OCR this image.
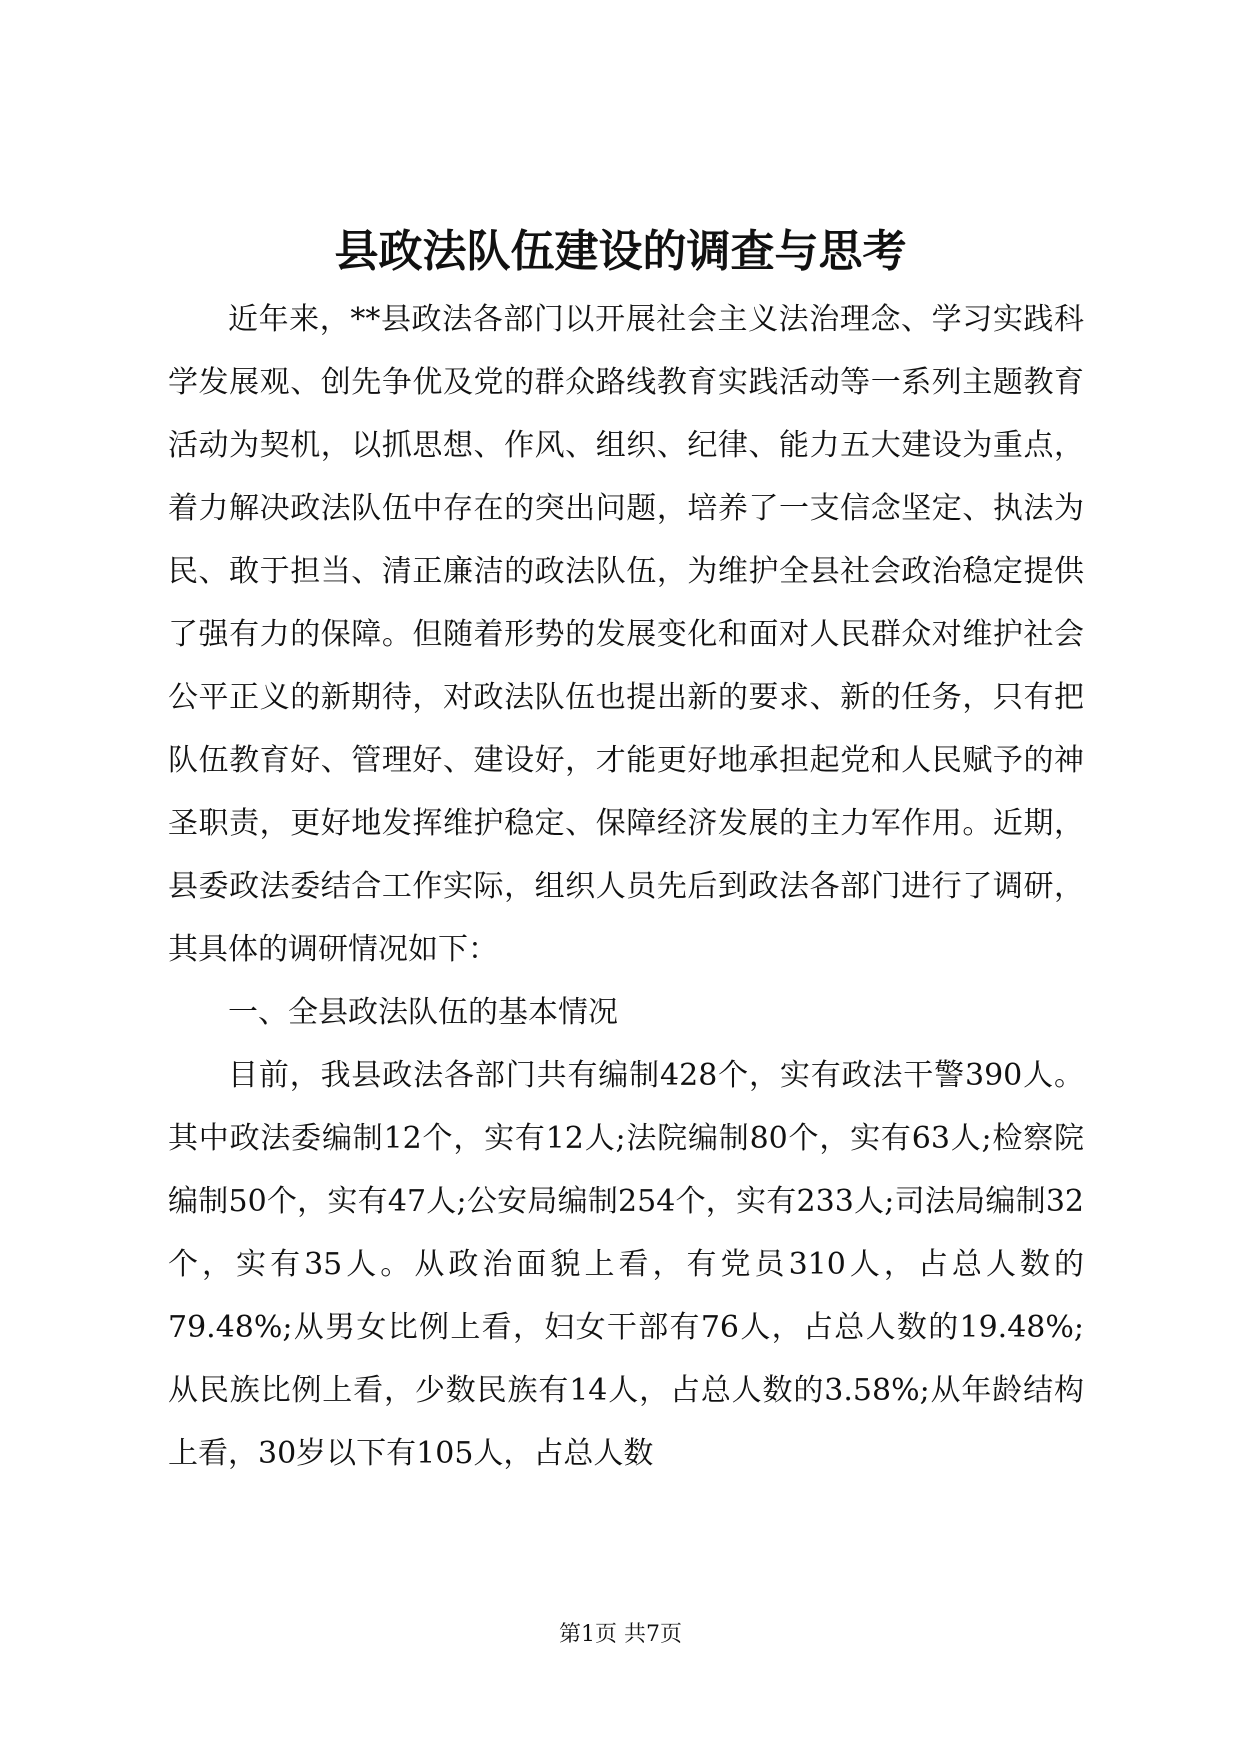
县政法队伍建设的调查与思考

近年来，**县政法各部门以开展社会主义法治理念、学习实践科学发展观、创先争优及党的群众路线教育实践活动等一系列主题教育活动为契机，以抓思想、作风、组织、纪律、能力五大建设为重点，着力解决政法队伍中存在的突出问题，培养了一支信念坚定、执法为民、敢于担当、清正廉洁的政法队伍，为维护全县社会政治稳定提供了强有力的保障。但随着形势的发展变化和面对人民群众对维护社会公平正义的新期待，对政法队伍也提出新的要求、新的任务，只有把队伍教育好、管理好、建设好，才能更好地承担起党和人民赋予的神圣职责，更好地发挥维护稳定、保障经济发展的主力军作用。近期，县委政法委结合工作实际，组织人员先后到政法各部门进行了调研，其具体的调研情况如下：

一、全县政法队伍的基本情况

目前，我县政法各部门共有编制428个，实有政法干警390人。其中政法委编制12个，实有12人;法院编制80个，实有63人;检察院编制50个，实有47人;公安局编制254个，实有233人;司法局编制32个，实有35人。从政治面貌上看，有党员310人，占总人数的79.48%;从男女比例上看，妇女干部有76人，占总人数的19.48%;从民族比例上看，少数民族有14人，占总人数的3.58%;从年龄结构上看，30岁以下有105人，占总人数

第1页 共7页
